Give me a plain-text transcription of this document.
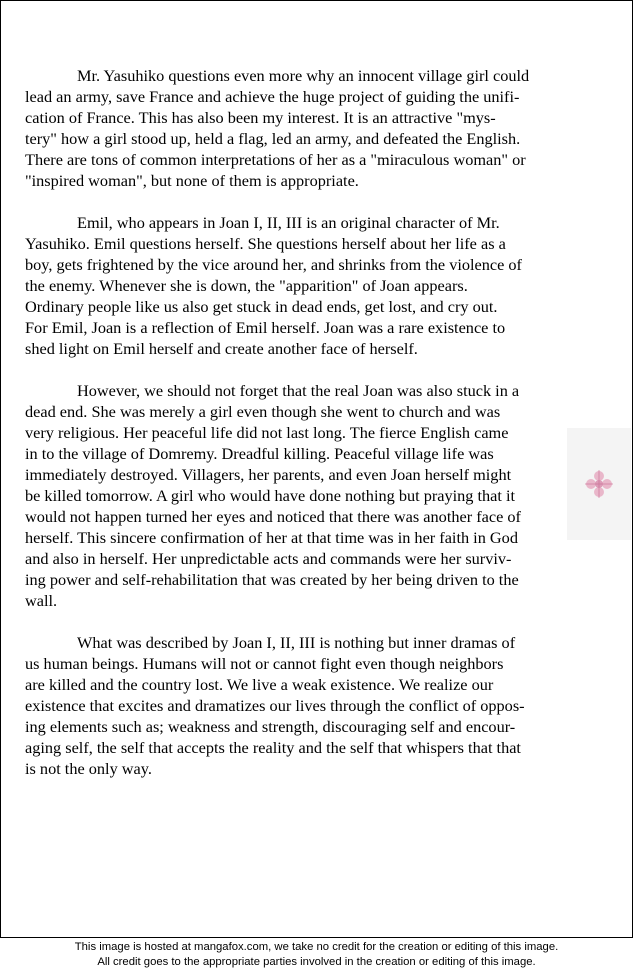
Mr. Yasuhiko questions even more why an innocent village girl could
lead an army, save France and achieve the huge project of guiding the unifi-
cation of France. This has also been my interest. It is an attractive "mys-
tery" how a girl stood up, held a flag, led an army, and defeated the English.
There are tons of common interpretations of her as a "miraculous woman" or
"inspired woman", but none of them is appropriate.
Emil, who appears in Joan I, II, III is an original character of Mr.
Yasuhiko. Emil questions herself. She questions herself about her life as a
boy, gets frightened by the vice around her, and shrinks from the violence of
the enemy. Whenever she is down, the "apparition" of Joan appears.
Ordinary people like us also get stuck in dead ends, get lost, and cry out.
For Emil, Joan is a reflection of Emil herself. Joan was a rare existence to
shed light on Emil herself and create another face of herself.
However, we should not forget that the real Joan was also stuck in a
dead end. She was merely a girl even though she went to church and was
very religious. Her peaceful life did not last long. The fierce English came
in to the village of Domremy. Dreadful killing. Peaceful village life was
immediately destroyed. Villagers, her parents, and even Joan herself might
be killed tomorrow. A girl who would have done nothing but praying that it
would not happen turned her eyes and noticed that there was another face of
herself. This sincere confirmation of her at that time was in her faith in God
and also in herself. Her unpredictable acts and commands were her surviv-
ing power and self-rehabilitation that was created by her being driven to the
wall.
What was described by Joan I, II, III is nothing but inner dramas of
us human beings. Humans will not or cannot fight even though neighbors
are killed and the country lost. We live a weak existence. We realize our
existence that excites and dramatizes our lives through the conflict of oppos-
ing elements such as; weakness and strength, discouraging self and encour-
aging self, the self that accepts the reality and the self that whispers that that
is not the only way.
This image is hosted at mangafox.com, we take no credit for the creation or editing of this image.
All credit goes to the appropriate parties involved in the creation or editing of this image.
